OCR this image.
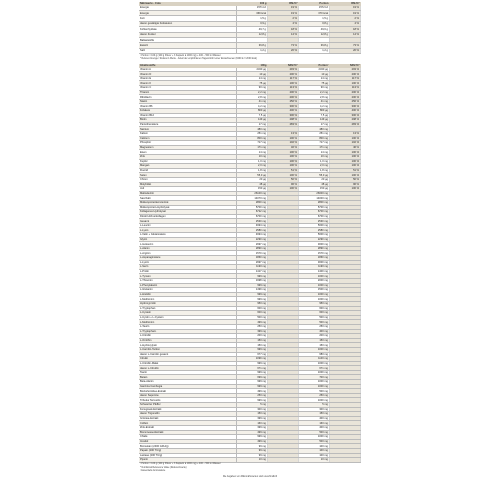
Nährwerte - Cola	100 g	RM-%*	Portion	RM-%*
Energie	1571 kJ	19 %	1572 kJ	19 %
Energie	369 kcal	19 %	370 kcal	19 %
Fett	1,5 g	2 %	1,5 g	2 %
davon gesättigte Fettsäuren	0,9 g	4 %	0,8 g	4 %
Kohlenhydrate	49,7 g	18 %	49,6 g	18 %
davon Zucker	12,8 g	14 %	12,8 g	14 %
Ballaststoffe				
Eiweiß	36,8 g	73 %	36,8 g	73 %
Salz	1,2 g	20 %	1,2 g	20 %
¹ Portion = 100 g (100 g Pulver + 3 Kapseln à 1000 mg) + 400 – 500 ml Wasser
* Referenzmenge / Referenz-Werte - Anteil der empfohlenen Tageszufuhr einer Erwachsenen (8400 kJ / 2000 kcal)
Inhaltsstoffe	100g	NRV-%*	Portion¹	NRV-%*
Vitamin A	2340 µg	293 %	2340 µg	293 %
Vitamin D	10 µg	200 %	10 µg	200 %
Vitamin E	14 mg	117 %	14 mg	117 %
Vitamin K	75 µg	100 %	75 µg	100 %
Vitamin C	90 mg	113 %	90 mg	113 %
Thiamin	2,2 mg	200 %	2,2 mg	200 %
Riboflavin	2,8 mg	200 %	2,8 mg	200 %
Niacin	41 mg	256 %	41 mg	256 %
Vitamin B6	4,2 mg	300 %	4,2 mg	300 %
Folsäure	800 µg	400 %	800 µg	400 %
Vitamin B12	7,5 µg	300 %	7,5 µg	300 %
Biotin	149 µg	298 %	149 µg	298 %
Pantothensäure	17 mg	283 %	17 mg	283 %
Natrium	480 mg		480 mg	
Kalium	251 mg	13 %	251 mg	13 %
Calcium	800 mg	100 %	800 mg	100 %
Phosphor	717 mg	102 %	717 mg	102 %
Magnesium	171 mg	46 %	171 mg	46 %
Eisen	14 mg	100 %	14 mg	100 %
Zink	10 mg	100 %	10 mg	100 %
Kupfer	1,0 mg	100 %	1,0 mg	100 %
Mangan	2,0 mg	100 %	2,0 mg	100 %
Fluorid	1,8 mg	51 %	1,8 mg	51 %
Selen	55,0 µg	100 %	55,0 µg	100 %
Chrom	20 µg	50 %	20 µg	50 %
Molybdän	48 µg	96 %	48 µg	96 %
Jod	150 µg	100 %	150 µg	100 %
Maltodextrin	26100 mg		26000 mg	
Sacchalit	14070 mg		14000 mg	
Molkenproteinkonzentrat	2800 mg		2800 mg	
Molkenprotein-Hydrolysat	5700 mg		5700 mg	
Kollagenes Hydrolysat	6722 mg		6700 mg	
Direkt Hühnerkollagen	6700 mg		6700 mg	
Gesamt	2530 mg		2530 mg	
L-Leucin¹	4994 mg		5000 mg	
L-Lysin	2580 mg		2580 mg	
L-Valin + Glutamsäure	4994 mg		5000 mg	
Glycin	2290 mg		2290 mg	
L-Isoleucin¹	2997 mg		3000 mg	
L-Alanin	2890 mg		2890 mg	
L-Arginin	1570 mg		1570 mg	
L-Asparaginsäure	1860 mg		1860 mg	
L-Lysin¹	2997 mg		3000 mg	
L-Serin	1190 mg		1190 mg	
L-Prolin	1417 mg		1400 mg	
L-Tyrosin	999 mg		1000 mg	
L-Threonin	1998 mg		2000 mg	
L-Phenylalanin	999 mg		1000 mg	
L-Glutamin	1499 mg		1500 mg	
L-Histidin	999 mg		1000 mg	
L-Methionin¹	999 mg		1000 mg	
Hydroxyprolin	950 mg		950 mg	
L-Tryptophan	600 mg		600 mg	
L-Cystein	600 mg		600 mg	
L-Cystin + L-Cystein	500 mg		500 mg	
L-Methionin¹	499 mg		500 mg	
L-Taurin	250 mg		250 mg	
L-Tryptophan¹	399 mg		400 mg	
L-Citrullin	200 mg		200 mg	
L-Ornithin	150 mg		150 mg	
L-Hydroxylysin	150 mg		150 mg	
L-Carnitin-Tartrat	999 mg		1000 mg	
davon L-Carnitin gesamt	677 mg		680 mg	
Citrulin	1099 mg		1100 mg	
L-Citrullin-Malat	999 mg		1000 mg	
davon L-Citrullin	671 mg		671 mg	
Taurin	999 mg		1000 mg	
Betain	699 mg		700 mg	
Beta-Alanin	999 mg		1000 mg	
Garcinia Cambogia	999 mg		1000 mg	
Bockshornklee-Extrakt	499 mg		500 mg	
davon Saponine	250 mg		250 mg	
Tribulus Terrestris	999 mg		1000 mg	
Schwarzer Pfeffer	5 mg		5 mg	
Fenugreek-Extrakt	300 mg		300 mg	
davon Trigonellin	150 mg		150 mg	
Grüntee-Extrakt	399 mg		400 mg	
Coffein	160 mg		160 mg	
Zink-Extrakt	399 mg		400 mg	
Brennnessel-Extrakt	499 mg		500 mg	
Chiafe	999 mg		1000 mg	
Inositol	499 mg		500 mg	
Bromelain (2400 GDU/g)	99 mg		100 mg	
Papain (200 TU/g)	99 mg		100 mg	
Lactase (200 TU/g)	99 mg		100 mg	
Piperin	10 mg		10 mg	
¹ Portion = 100 g (100 g Pulver + 3 Kapseln à 1000 mg) + 400 – 500 ml Wasser
* Nutritional Reference Value (Referenzwerte)
¹ Essentielle Aminosäure
Die Angaben von Mikronährwerten sind unverbindlich
